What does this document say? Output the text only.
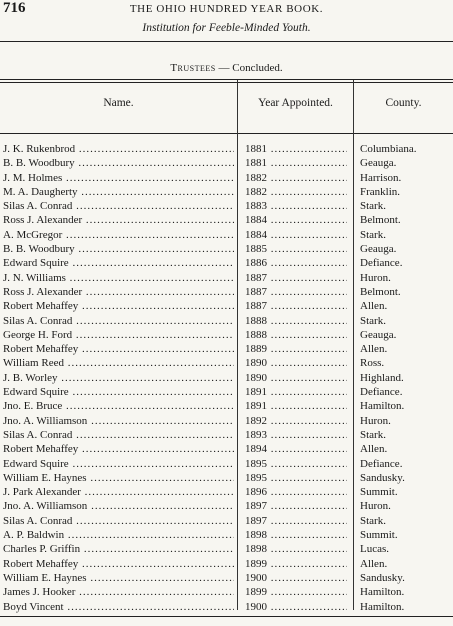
716	THE OHIO HUNDRED YEAR BOOK.
Institution for Feeble-Minded Youth.
Trustees — Concluded.
Name.	Year Appointed.	County.
J. K. Rukenbrod .....	1881 .....	Columbiana.
B. B. Woodbury .....	1881 .....	Geauga.
J. M. Holmes .....	1882 .....	Harrison.
M. A. Daugherty .....	1882 .....	Franklin.
Silas A. Conrad .....	1883 .....	Stark.
Ross J. Alexander .....	1884 .....	Belmont.
A. McGregor .....	1884 .....	Stark.
B. B. Woodbury .....	1885 .....	Geauga.
Edward Squire .....	1886 .....	Defiance.
J. N. Williams .....	1887 .....	Huron.
Ross J. Alexander .....	1887 .....	Belmont.
Robert Mehaffey .....	1887 .....	Allen.
Silas A. Conrad .....	1888 .....	Stark.
George H. Ford .....	1888 .....	Geauga.
Robert Mehaffey .....	1889 .....	Allen.
William Reed .....	1890 .....	Ross.
J. B. Worley .....	1890 .....	Highland.
Edward Squire .....	1891 .....	Defiance.
Jno. E. Bruce .....	1891 .....	Hamilton.
Jno. A. Williamson .....	1892 .....	Huron.
Silas A. Conrad .....	1893 .....	Stark.
Robert Mehaffey .....	1894 .....	Allen.
Edward Squire .....	1895 .....	Defiance.
William E. Haynes .....	1895 .....	Sandusky.
J. Park Alexander .....	1896 .....	Summit.
Jno. A. Williamson .....	1897 .....	Huron.
Silas A. Conrad .....	1897 .....	Stark.
A. P. Baldwin .....	1898 .....	Summit.
Charles P. Griffin .....	1898 .....	Lucas.
Robert Mehaffey .....	1899 .....	Allen.
William E. Haynes .....	1900 .....	Sandusky.
James J. Hooker .....	1899 .....	Hamilton.
Boyd Vincent .....	1900 .....	Hamilton.
